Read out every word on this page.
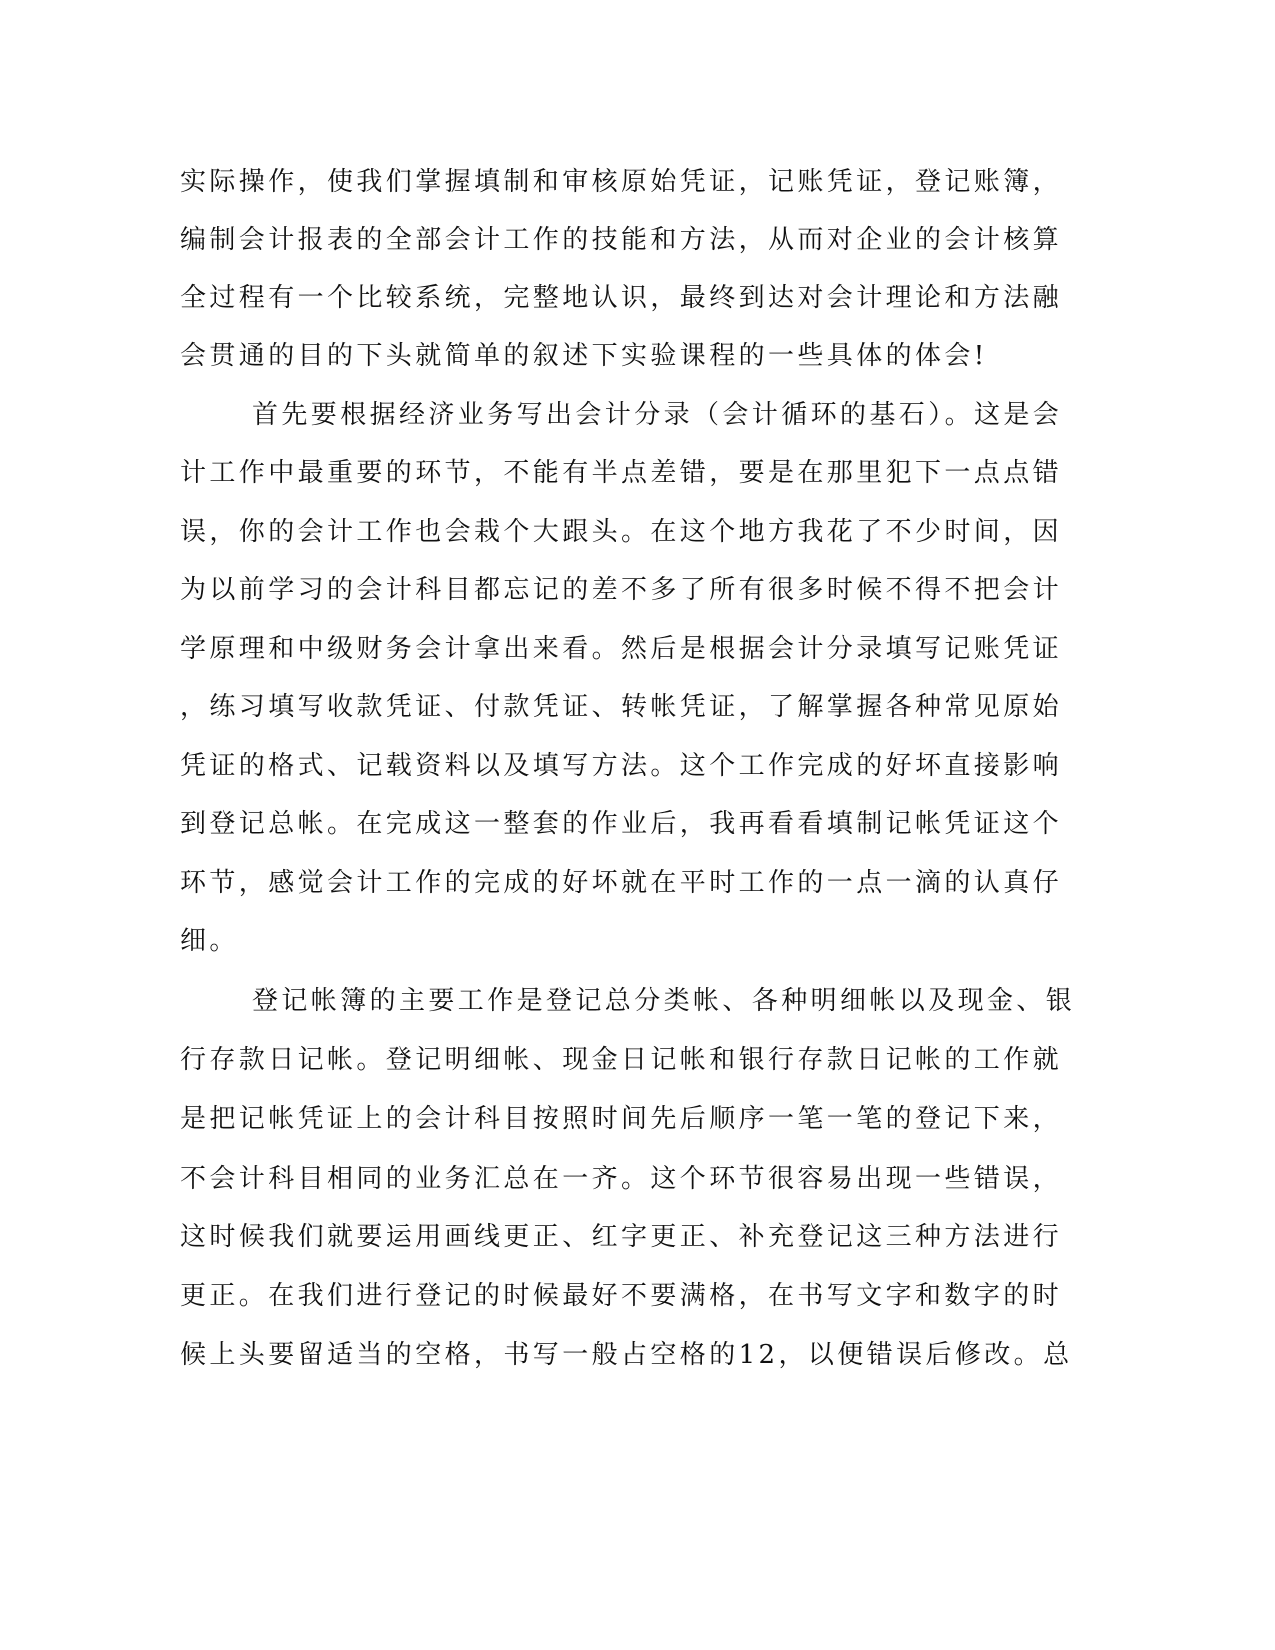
实际操作，使我们掌握填制和审核原始凭证，记账凭证，登记账簿，

编制会计报表的全部会计工作的技能和方法，从而对企业的会计核算

全过程有一个比较系统，完整地认识，最终到达对会计理论和方法融

会贯通的目的下头就简单的叙述下实验课程的一些具体的体会!

首先要根据经济业务写出会计分录（会计循环的基石）。这是会

计工作中最重要的环节，不能有半点差错，要是在那里犯下一点点错

误，你的会计工作也会栽个大跟头。在这个地方我花了不少时间，因

为以前学习的会计科目都忘记的差不多了所有很多时候不得不把会计

学原理和中级财务会计拿出来看。然后是根据会计分录填写记账凭证

，练习填写收款凭证、付款凭证、转帐凭证，了解掌握各种常见原始

凭证的格式、记载资料以及填写方法。这个工作完成的好坏直接影响

到登记总帐。在完成这一整套的作业后，我再看看填制记帐凭证这个

环节，感觉会计工作的完成的好坏就在平时工作的一点一滴的认真仔

细。

登记帐簿的主要工作是登记总分类帐、各种明细帐以及现金、银

行存款日记帐。登记明细帐、现金日记帐和银行存款日记帐的工作就

是把记帐凭证上的会计科目按照时间先后顺序一笔一笔的登记下来，

不会计科目相同的业务汇总在一齐。这个环节很容易出现一些错误，

这时候我们就要运用画线更正、红字更正、补充登记这三种方法进行

更正。在我们进行登记的时候最好不要满格，在书写文字和数字的时

候上头要留适当的空格，书写一般占空格的12，以便错误后修改。总
